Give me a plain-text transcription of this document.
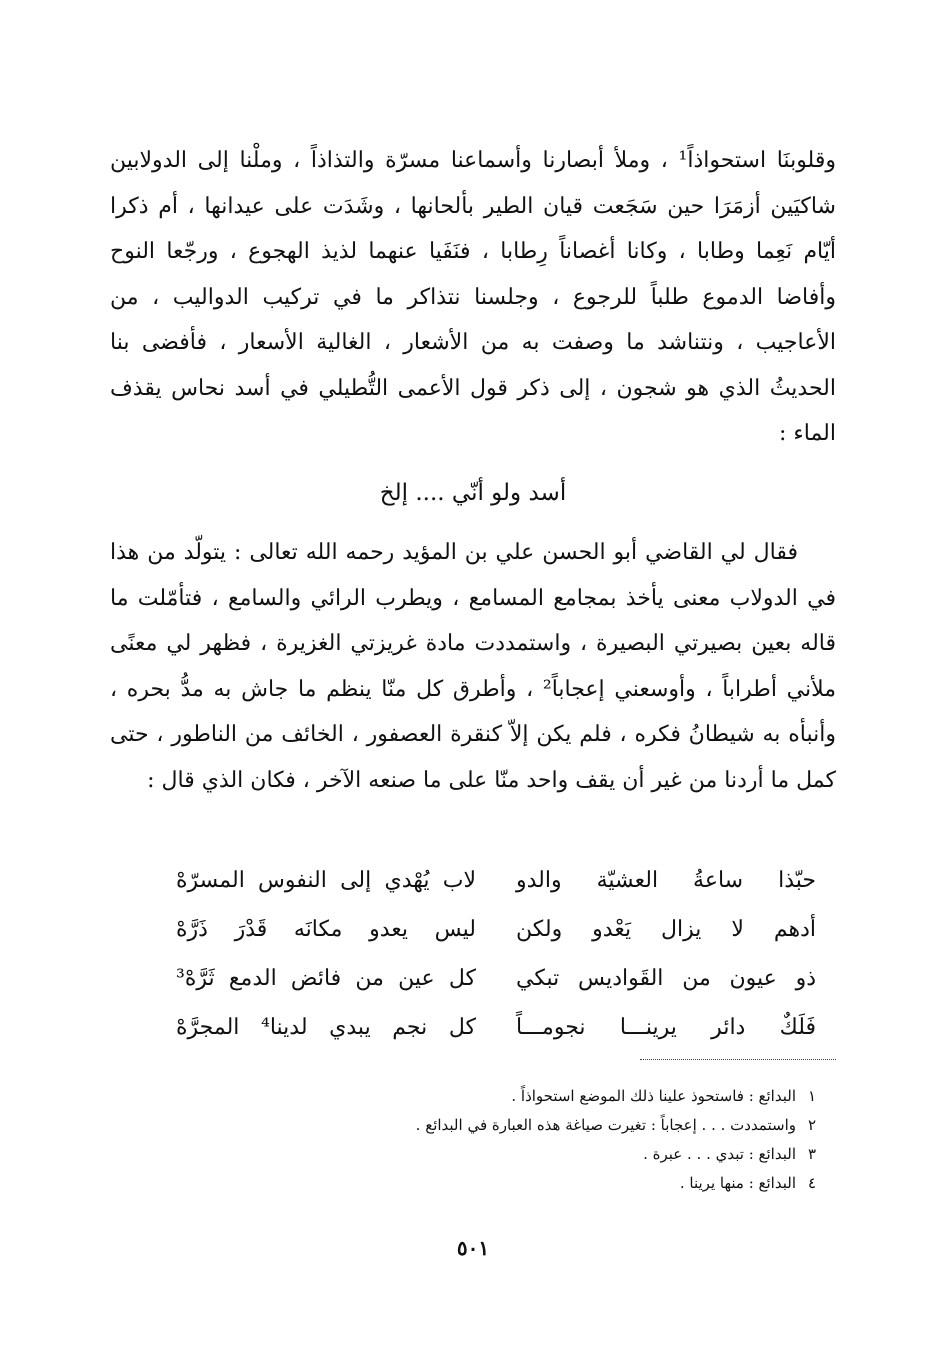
وقلوبنَا استحواذاً¹ ، وملأ أبصارنا وأسماعنا مسرّة والتذاذاً ، وملْنا إلى الدولابين شاكيَين أزمَرَا حين سَجَعت قيان الطير بألحانها ، وشَدَت على عيدانها ، أم ذكرا أيّام نَعِما وطابا ، وكانا أغصاناً رِطابا ، فنَفَيا عنهما لذيذ الهجوع ، ورجّعا النوح وأفاضا الدموع طلباً للرجوع ، وجلسنا نتذاكر ما في تركيب الدواليب ، من الأعاجيب ، ونتناشد ما وصفت به من الأشعار ، الغالية الأسعار ، فأفضى بنا الحديثُ الذي هو شجون ، إلى ذكر قول الأعمى التُّطيلي في أسد نحاس يقذف الماء :

أسد ولو أنّي .... إلخ

فقال لي القاضي أبو الحسن علي بن المؤيد رحمه الله تعالى : يتولّد من هذا في الدولاب معنى يأخذ بمجامع المسامع ، ويطرب الرائي والسامع ، فتأمّلت ما قاله بعين بصيرتي البصيرة ، واستمددت مادة غريزتي الغزيرة ، فظهر لي معنًى ملأني أطراباً ، وأوسعني إعجاباً² ، وأطرق كل منّا ينظم ما جاش به مدُّ بحره ، وأنبأه به شيطانُ فكره ، فلم يكن إلاّ كنقرة العصفور ، الخائف من الناطور ، حتى كمل ما أردنا من غير أن يقف واحد منّا على ما صنعه الآخر ، فكان الذي قال :

حبّذا ساعةُ العشيّة والدو
لاب يُهْدي إلى النفوس المسرّهْ
أدهم لا يزال يَعْدو ولكن
ليس يعدو مكانَه قَدْرَ ذَرَّهْ
ذو عيون من القَواديس تبكي
كل عين من فائض الدمع ثَرَّهْ³
فَلَكٌ دائر يرينـــا نجومـــاً
كل نجم يبدي لدينا⁴ المجرَّهْ
١
البدائع : فاستحوذ علينا ذلك الموضع استحواذاً .
٢
واستمددت . . . إعجاباً : تغيرت صياغة هذه العبارة في البدائع .
٣
البدائع : تبدي . . . عبرة .
٤
البدائع : منها يرينا .
٥٠١
